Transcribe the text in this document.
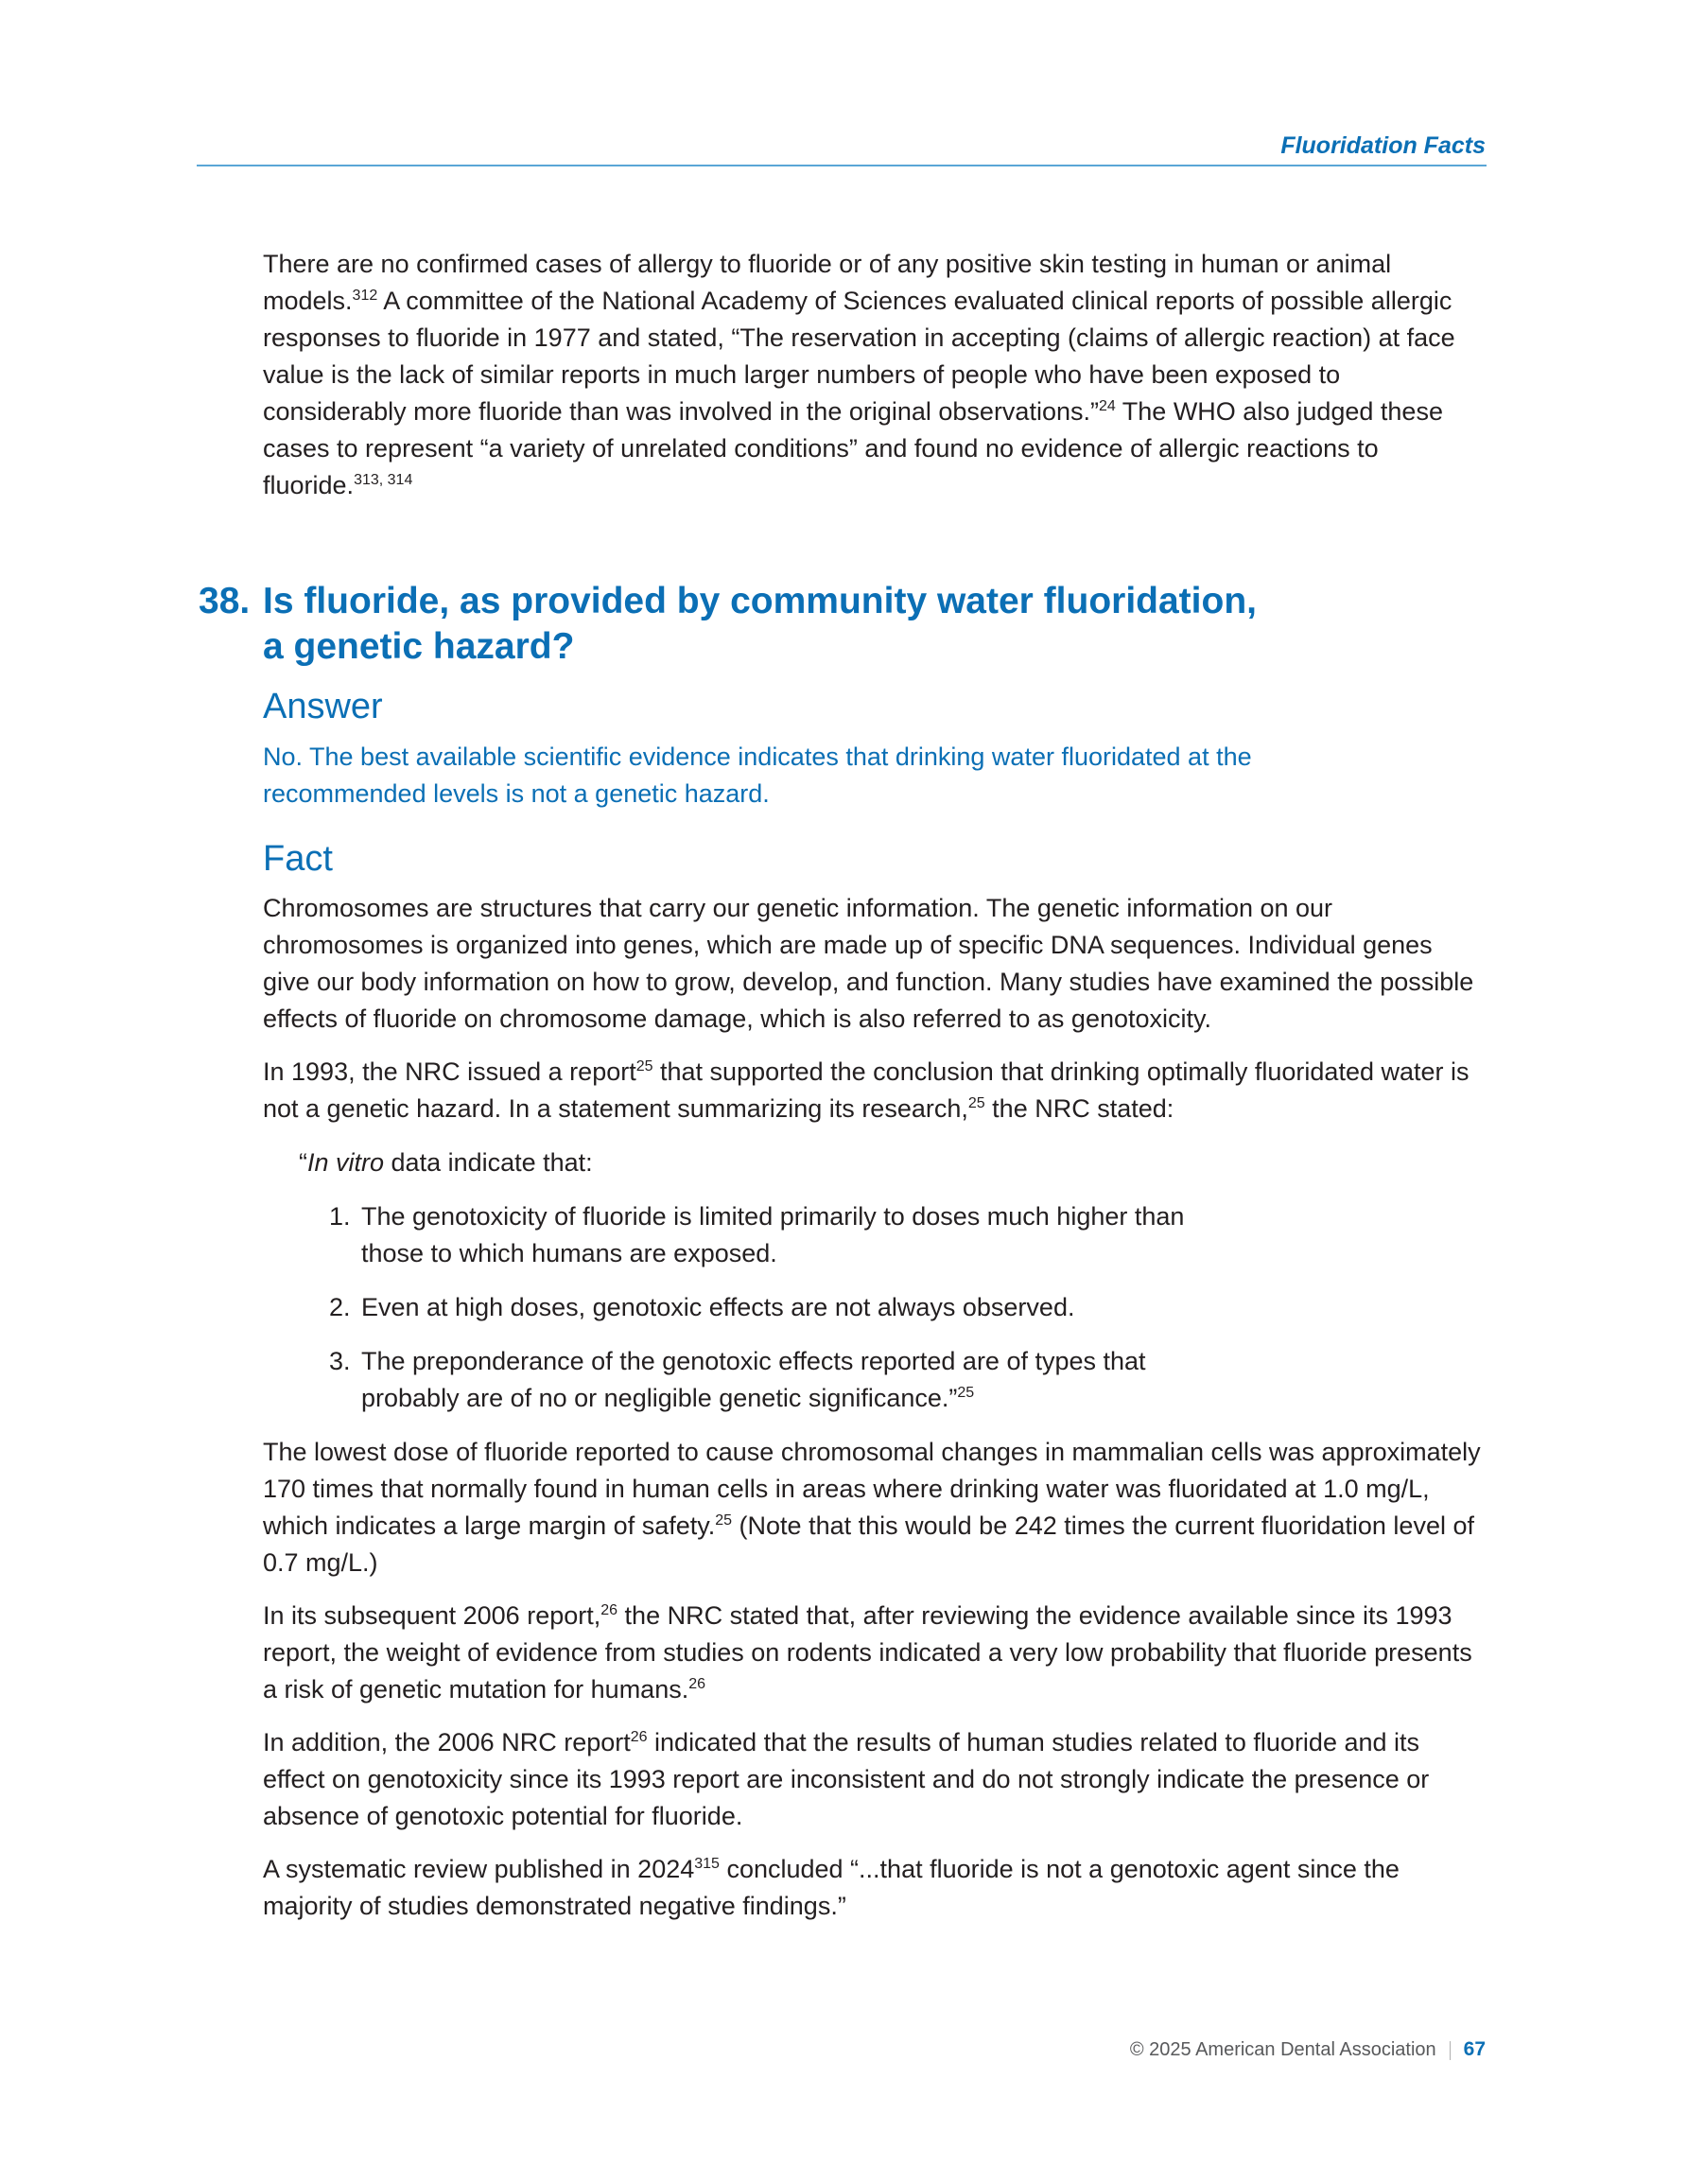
Fluoridation Facts

There are no confirmed cases of allergy to fluoride or of any positive skin testing in human or animal models.$^{312}$ A committee of the National Academy of Sciences evaluated clinical reports of possible allergic responses to fluoride in 1977 and stated, “The reservation in accepting (claims of allergic reaction) at face value is the lack of similar reports in much larger numbers of people who have been exposed to considerably more fluoride than was involved in the original observations.”$^{24}$ The WHO also judged these cases to represent “a variety of unrelated conditions” and found no evidence of allergic reactions to fluoride.$^{313, 314}$

38. Is fluoride, as provided by community water fluoridation,
a genetic hazard?
Answer
No. The best available scientific evidence indicates that drinking water fluoridated at the recommended levels is not a genetic hazard.
Fact

Chromosomes are structures that carry our genetic information. The genetic information on our chromosomes is organized into genes, which are made up of specific DNA sequences. Individual genes give our body information on how to grow, develop, and function. Many studies have examined the possible effects of fluoride on chromosome damage, which is also referred to as genotoxicity.

In 1993, the NRC issued a report$^{25}$ that supported the conclusion that drinking optimally fluoridated water is not a genetic hazard. In a statement summarizing its research,$^{25}$ the NRC stated:

“In vitro data indicate that:
1. The genotoxicity of fluoride is limited primarily to doses much higher than those to which humans are exposed.
2. Even at high doses, genotoxic effects are not always observed.
3. The preponderance of the genotoxic effects reported are of types that probably are of no or negligible genetic significance.”$^{25}$

The lowest dose of fluoride reported to cause chromosomal changes in mammalian cells was approximately 170 times that normally found in human cells in areas where drinking water was fluoridated at 1.0 mg/L, which indicates a large margin of safety.$^{25}$ (Note that this would be 242 times the current fluoridation level of 0.7 mg/L.)

In its subsequent 2006 report,$^{26}$ the NRC stated that, after reviewing the evidence available since its 1993 report, the weight of evidence from studies on rodents indicated a very low probability that fluoride presents a risk of genetic mutation for humans.$^{26}$

In addition, the 2006 NRC report$^{26}$ indicated that the results of human studies related to fluoride and its effect on genotoxicity since its 1993 report are inconsistent and do not strongly indicate the presence or absence of genotoxic potential for fluoride.

A systematic review published in 2024$^{315}$ concluded “...that fluoride is not a genotoxic agent since the majority of studies demonstrated negative findings.”

© 2025 American Dental Association 67
